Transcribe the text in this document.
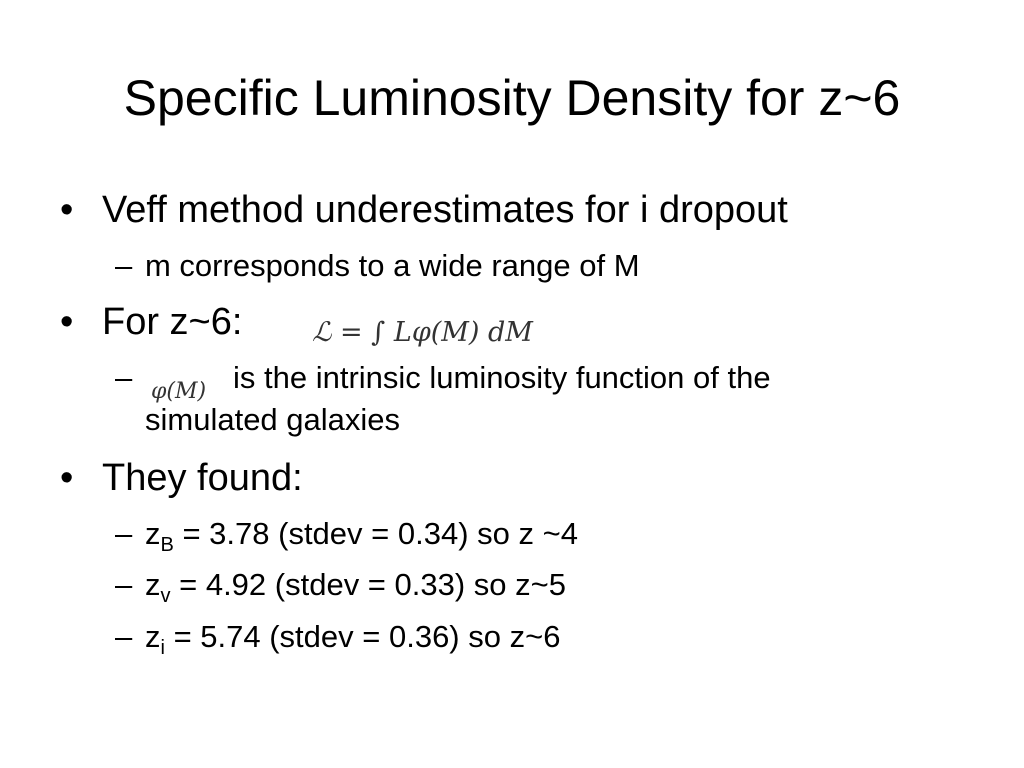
Specific Luminosity Density for z~6
• Veff method underestimates for i dropout
– m corresponds to a wide range of M
• For z~6:	ℒ = ∫ Lφ(M) dM
– φ(M) is the intrinsic luminosity function of the
simulated galaxies
• They found:
– $z_B = 3.78$ (stdev = 0.34) so z ~4
– $z_v = 4.92$ (stdev = 0.33) so z~5
– $z_i = 5.74$ (stdev = 0.36) so z~6
